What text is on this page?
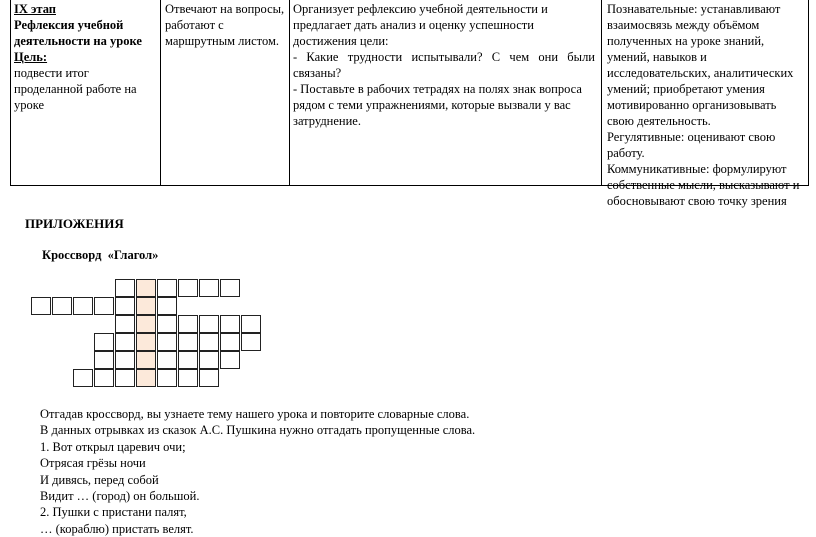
IX этап
Рефлексия учебной деятельности на уроке
Цель:
подвести итог проделанной работе на уроке
Отвечают на вопросы, работают с маршрутным листом.
Организует рефлексию учебной деятельности и предлагает дать анализ и оценку успешности достижения цели:
- Какие трудности испытывали? С чем они были
связаны?
- Поставьте в рабочих тетрадях на полях знак вопроса рядом с теми упражнениями, которые вызвали у вас затруднение.
Познавательные: устанавливают взаимосвязь между объёмом полученных на уроке знаний, умений, навыков и исследовательских, аналитических умений; приобретают умения мотивированно организовывать свою деятельность.
Регулятивные: оценивают свою работу.
Коммуникативные: формулируют собственные мысли, высказывают и обосновывают свою точку зрения
ПРИЛОЖЕНИЯ
Кроссворд  «Глагол»
Отгадав кроссворд, вы узнаете тему нашего урока и повторите словарные слова.
В данных отрывках из сказок А.С. Пушкина нужно отгадать пропущенные слова.
1. Вот открыл царевич очи;
Отрясая грёзы ночи
И дивясь, перед собой
Видит … (город) он большой.
2. Пушки с пристани палят,
… (кораблю) пристать велят.
